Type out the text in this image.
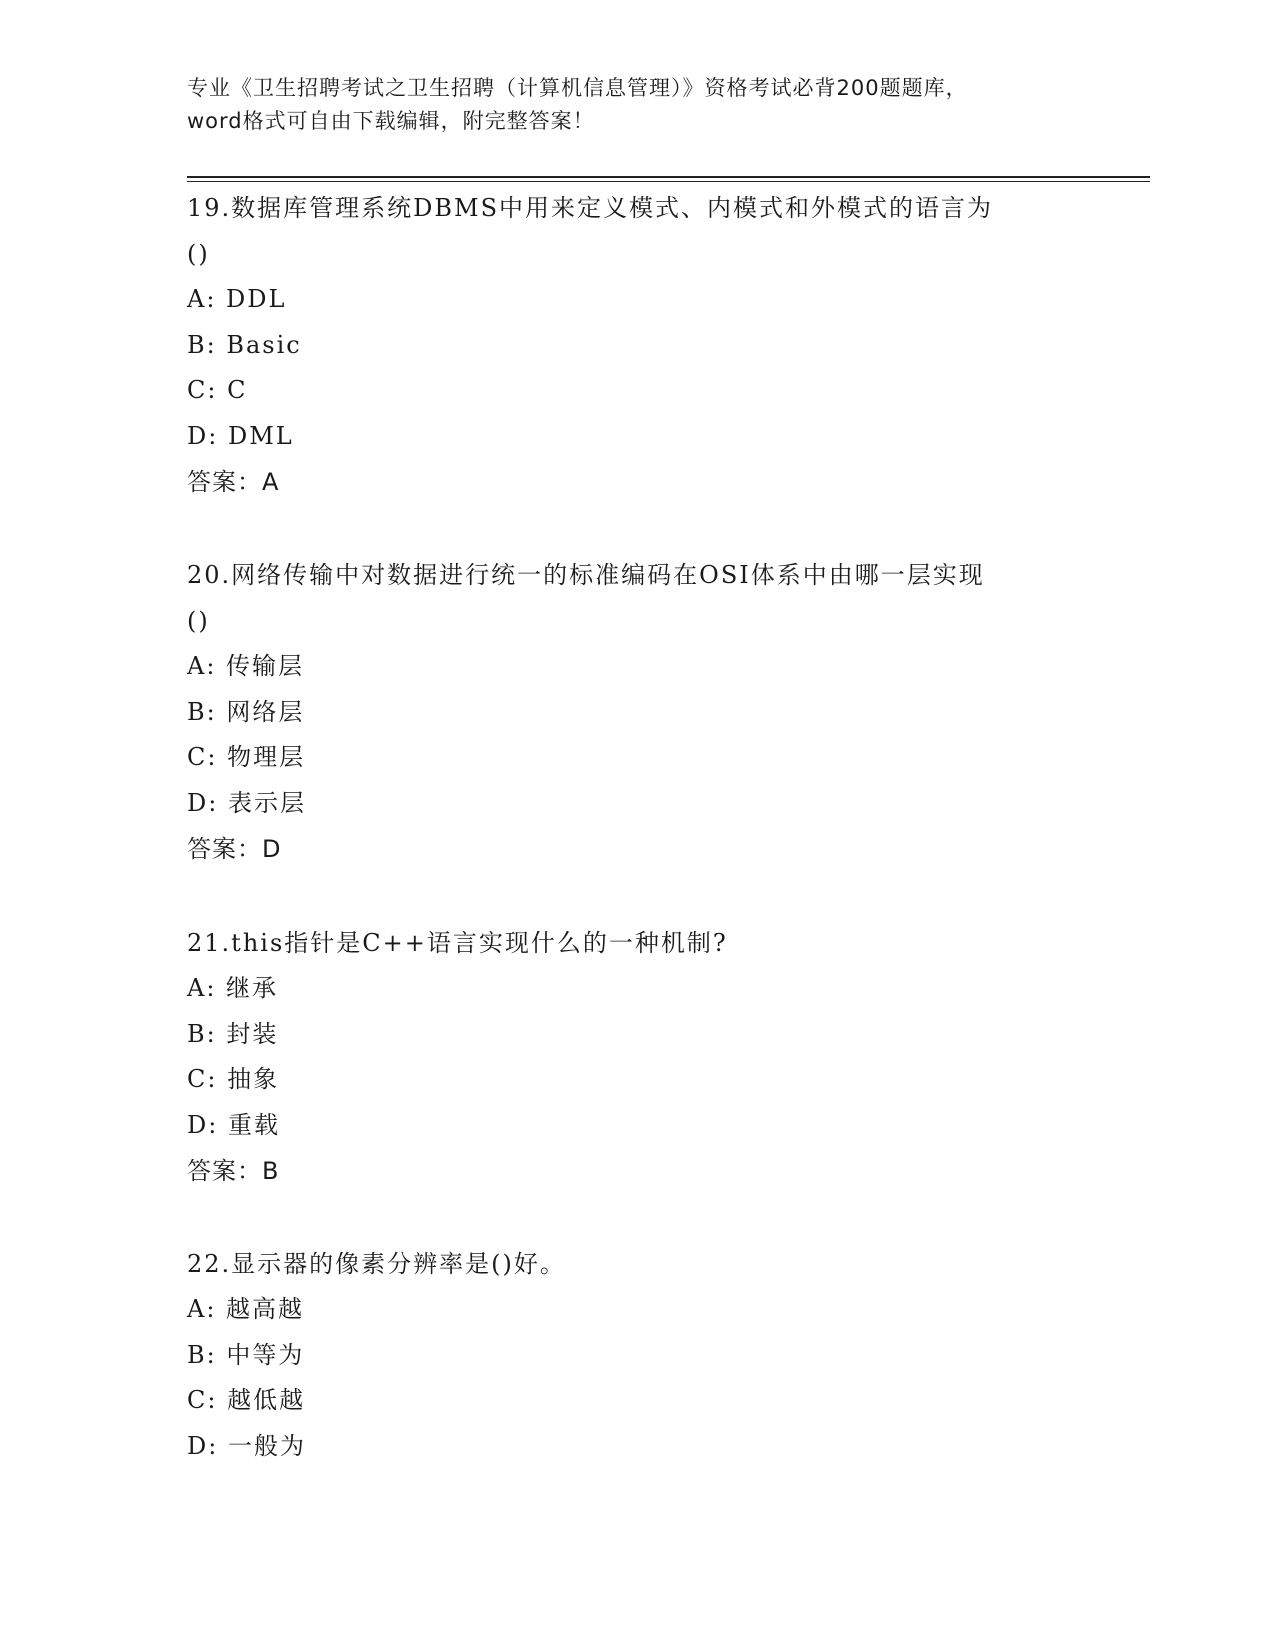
专业《卫生招聘考试之卫生招聘（计算机信息管理）》资格考试必背200题题库，
word格式可自由下载编辑，附完整答案！
19.数据库管理系统DBMS中用来定义模式、内模式和外模式的语言为
()
A: DDL
B: Basic
C: C
D: DML
答案：A
20.网络传输中对数据进行统一的标准编码在OSI体系中由哪一层实现
()
A: 传输层
B: 网络层
C: 物理层
D: 表示层
答案：D
21.this指针是C++语言实现什么的一种机制?
A: 继承
B: 封装
C: 抽象
D: 重载
答案：B
22.显示器的像素分辨率是()好。
A: 越高越
B: 中等为
C: 越低越
D: 一般为
